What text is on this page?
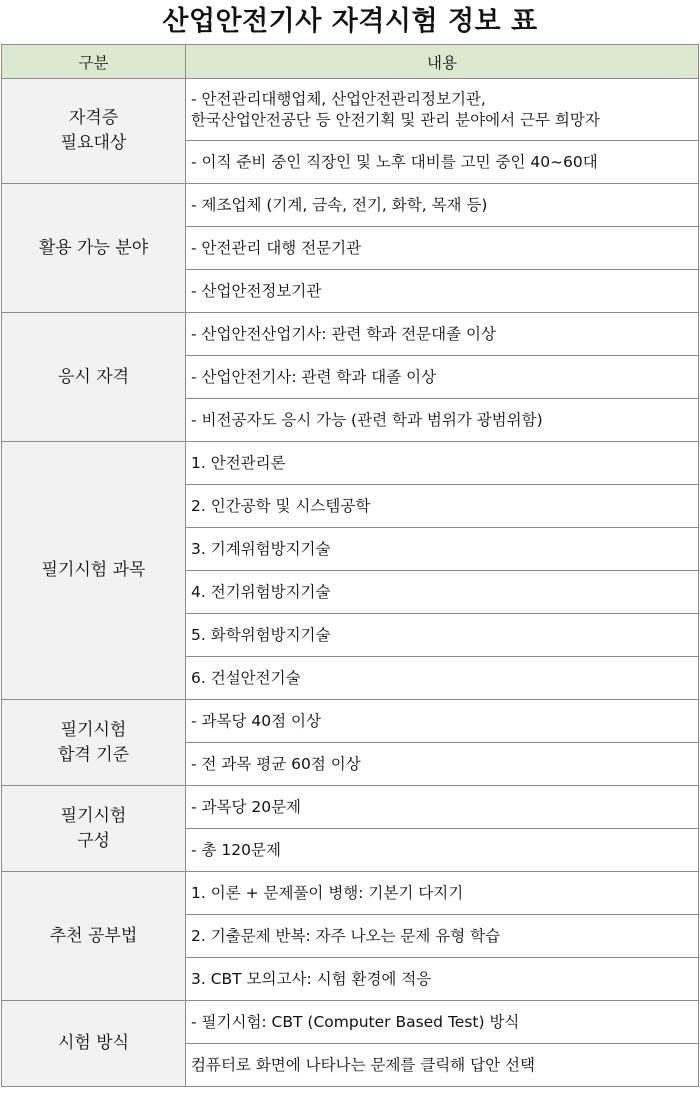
산업안전기사 자격시험 정보 표
구분	내용
자격증
필요대상	- 안전관리대행업체, 산업안전관리정보기관,
한국산업안전공단 등 안전기획 및 관리 분야에서 근무 희망자
	- 이직 준비 중인 직장인 및 노후 대비를 고민 중인 40~60대
활용 가능 분야	- 제조업체 (기계, 금속, 전기, 화학, 목재 등)
	- 안전관리 대행 전문기관
	- 산업안전정보기관
응시 자격	- 산업안전산업기사: 관련 학과 전문대졸 이상
	- 산업안전기사: 관련 학과 대졸 이상
	- 비전공자도 응시 가능 (관련 학과 범위가 광범위함)
필기시험 과목	1. 안전관리론
	2. 인간공학 및 시스템공학
	3. 기계위험방지기술
	4. 전기위험방지기술
	5. 화학위험방지기술
	6. 건설안전기술
필기시험
합격 기준	- 과목당 40점 이상
	- 전 과목 평균 60점 이상
필기시험
구성	- 과목당 20문제
	- 총 120문제
추천 공부법	1. 이론 + 문제풀이 병행: 기본기 다지기
	2. 기출문제 반복: 자주 나오는 문제 유형 학습
	3. CBT 모의고사: 시험 환경에 적응
시험 방식	- 필기시험: CBT (Computer Based Test) 방식
	컴퓨터로 화면에 나타나는 문제를 클릭해 답안 선택
